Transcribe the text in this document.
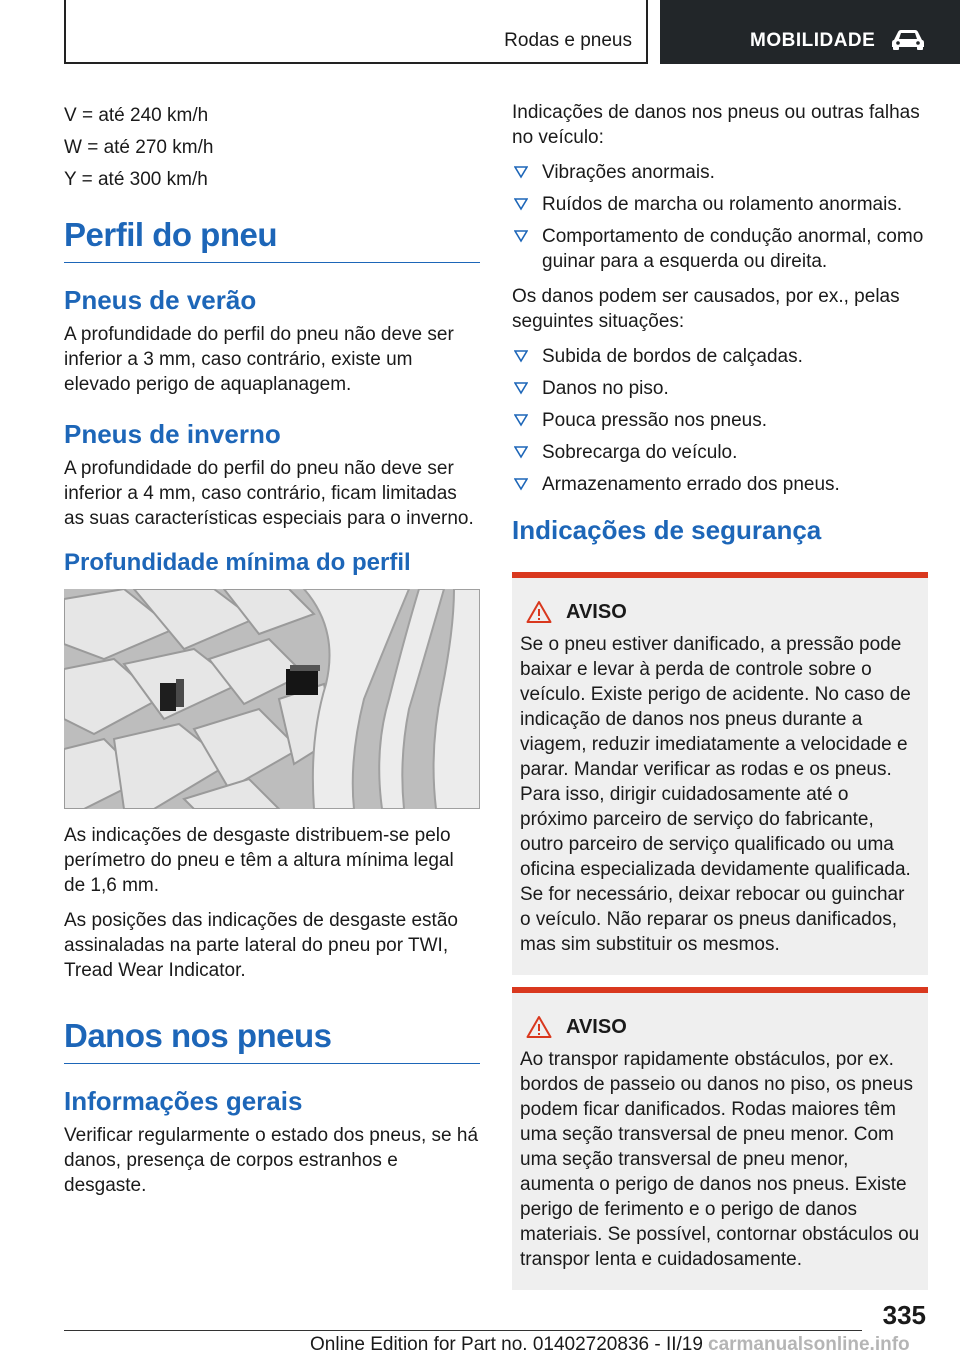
Rodas e pneus	MOBILIDADE
V = até 240 km/h
W = até 270 km/h
Y = até 300 km/h
Perfil do pneu
Pneus de verão

A profundidade do perfil do pneu não deve ser inferior a 3 mm, caso contrário, existe um elevado perigo de aquaplanagem.

Pneus de inverno

A profundidade do perfil do pneu não deve ser inferior a 4 mm, caso contrário, ficam limitadas as suas características especiais para o inverno.

Profundidade mínima do perfil

As indicações de desgaste distribuem-se pelo perímetro do pneu e têm a altura mínima legal de 1,6 mm.

As posições das indicações de desgaste estão assinaladas na parte lateral do pneu por TWI, Tread Wear Indicator.

Danos nos pneus
Informações gerais

Verificar regularmente o estado dos pneus, se há danos, presença de corpos estranhos e desgaste.

Indicações de danos nos pneus ou outras falhas no veículo:

Vibrações anormais.
Ruídos de marcha ou rolamento anormais.
Comportamento de condução anormal, como guinar para a esquerda ou direita.

Os danos podem ser causados, por ex., pelas seguintes situações:

Subida de bordos de calçadas.
Danos no piso.
Pouca pressão nos pneus.
Sobrecarga do veículo.
Armazenamento errado dos pneus.
Indicações de segurança
AVISO

Se o pneu estiver danificado, a pressão pode baixar e levar à perda de controle sobre o veículo. Existe perigo de acidente. No caso de indicação de danos nos pneus durante a viagem, reduzir imediatamente a velocidade e parar. Mandar verificar as rodas e os pneus. Para isso, dirigir cuidadosamente até o próximo parceiro de serviço do fabricante, outro parceiro de serviço qualificado ou uma oficina especializada devidamente qualificada. Se for necessário, deixar rebocar ou guinchar o veículo. Não reparar os pneus danificados, mas sim substituir os mesmos.

AVISO

Ao transpor rapidamente obstáculos, por ex. bordos de passeio ou danos no piso, os pneus podem ficar danificados. Rodas maiores têm uma seção transversal de pneu menor. Com uma seção transversal de pneu menor, aumenta o perigo de danos nos pneus. Existe perigo de ferimento e o perigo de danos materiais. Se possível, contornar obstáculos ou transpor lenta e cuidadosamente.

335
Online Edition for Part no. 01402720836 - II/19 carmanualsonline.info
